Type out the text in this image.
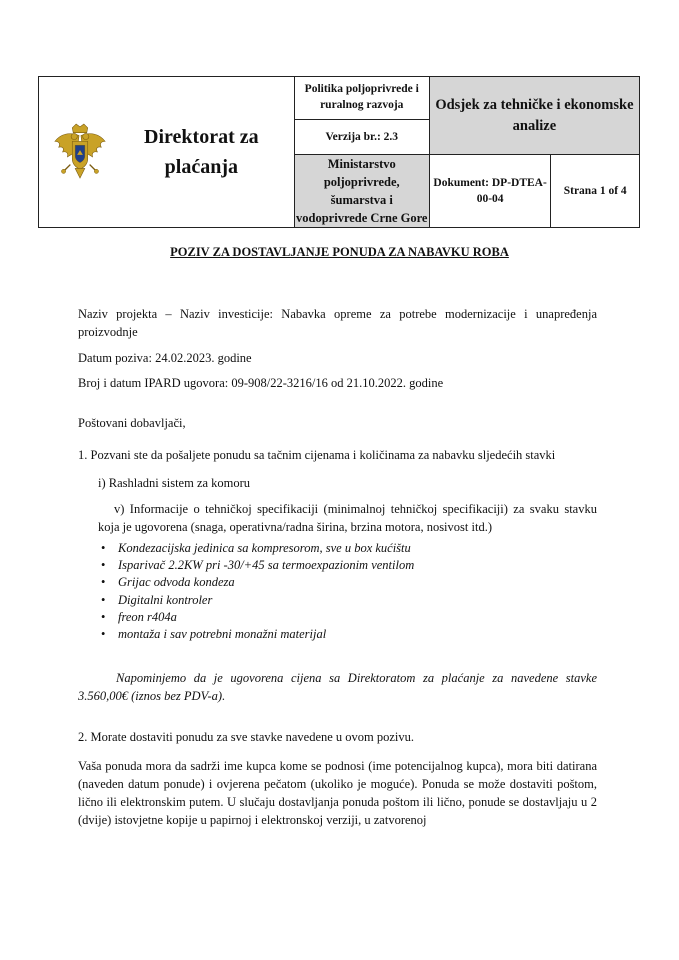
Direktorat za plaćanja	Politika poljoprivrede i ruralnog razvoja
Verzija br.: 2.3	Odsjek za tehničke i ekonomske analize	
	Ministarstvo poljoprivrede, šumarstva i vodoprivrede Crne Gore	Dokument: DP-DTEA-00-04	Strana 1 of 4
POZIV ZA DOSTAVLJANJE PONUDA ZA NABAVKU ROBA
Naziv projekta – Naziv investicije: Nabavka opreme za potrebe modernizacije i unapređenja proizvodnje
Datum poziva: 24.02.2023. godine
Broj i datum IPARD ugovora: 09-908/22-3216/16 od 21.10.2022. godine
Poštovani dobavljači,
1. Pozvani ste da pošaljete ponudu sa tačnim cijenama i količinama za nabavku sljedećih stavki
i) Rashladni sistem za komoru
v) Informacije o tehničkoj specifikaciji (minimalnoj tehničkoj specifikaciji) za svaku stavku koja je ugovorena (snaga, operativna/radna širina, brzina motora, nosivost itd.)
• Kondezacijska jedinica sa kompresorom, sve u box kućištu
• Isparivač 2.2KW pri -30/+45 sa termoexpazionim ventilom
• Grijac odvoda kondeza
• Digitalni kontroler
• freon r404a
• montaža i sav potrebni monažni materijal
Napominjemo da je ugovorena cijena sa Direktoratom za plaćanje za navedene stavke 3.560,00€ (iznos bez PDV-a).
2. Morate dostaviti ponudu za sve stavke navedene u ovom pozivu.
Vaša ponuda mora da sadrži ime kupca kome se podnosi (ime potencijalnog kupca), mora biti datirana (naveden datum ponude) i ovjerena pečatom (ukoliko je moguće). Ponuda se može dostaviti poštom, lično ili elektronskim putem. U slučaju dostavljanja ponuda poštom ili lično, ponude se dostavljaju u 2 (dvije) istovjetne kopije u papirnoj i elektronskoj verziji, u zatvorenoj
